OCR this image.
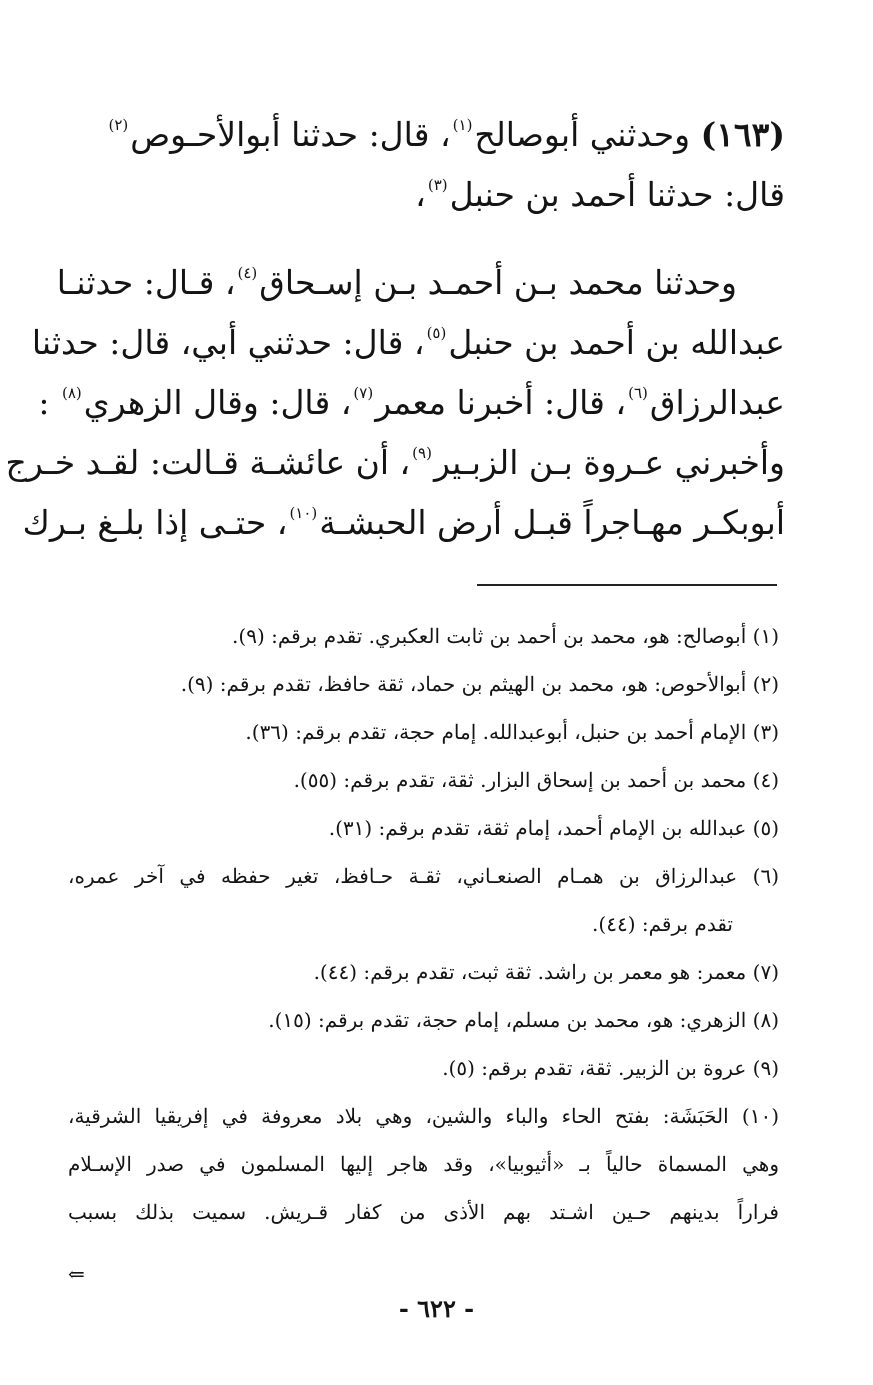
(١٦٣) وحدثني أبوصالح$^{(١)}$، قال: حدثنا أبوالأحـوص$^{(٢)}$
قال: حدثنا أحمد بن حنبل$^{(٣)}$،
وحدثنا محمد بـن أحمـد بـن إسـحاق$^{(٤)}$، قـال: حدثنـا
عبدالله بن أحمد بن حنبل$^{(٥)}$، قال: حدثني أبي، قال: حدثنا
عبدالرزاق$^{(٦)}$، قال: أخبرنا معمر$^{(٧)}$، قال: وقال الزهري$^{(٨)}$ :
وأخبرني عـروة بـن الزبـير$^{(٩)}$، أن عائشـة قـالت: لقـد خـرج
أبوبكـر مهـاجراً قبـل أرض الحبشـة$^{(١٠)}$، حتـى إذا بلـغ بـرك
(١) أبوصالح: هو، محمد بن أحمد بن ثابت العكبري. تقدم برقم: (٩).
(٢) أبوالأحوص: هو، محمد بن الهيثم بن حماد، ثقة حافظ، تقدم برقم: (٩).
(٣) الإمام أحمد بن حنبل، أبوعبدالله. إمام حجة، تقدم برقم: (٣٦).
(٤) محمد بن أحمد بن إسحاق البزار. ثقة، تقدم برقم: (٥٥).
(٥) عبدالله بن الإمام أحمد، إمام ثقة، تقدم برقم: (٣١).
(٦) عبدالرزاق بن همـام الصنعـاني، ثقـة حـافظ، تغير حفظه في آخر عمره،
تقدم برقم: (٤٤).
(٧) معمر: هو معمر بن راشد. ثقة ثبت، تقدم برقم: (٤٤).
(٨) الزهري: هو، محمد بن مسلم، إمام حجة، تقدم برقم: (١٥).
(٩) عروة بن الزبير. ثقة، تقدم برقم: (٥).
(١٠) الحَبَشَة: بفتح الحاء والباء والشين، وهي بلاد معروفة في إفريقيا الشرقية،
وهي المسماة حالياً بـ «أثيوبيا»، وقد هاجر إليها المسلمون في صدر الإسـلام
فراراً بدينهم حـين اشـتد بهم الأذى من كفار قـريش. سميت بذلك بسبب
⇐
- ٦٢٢ -
